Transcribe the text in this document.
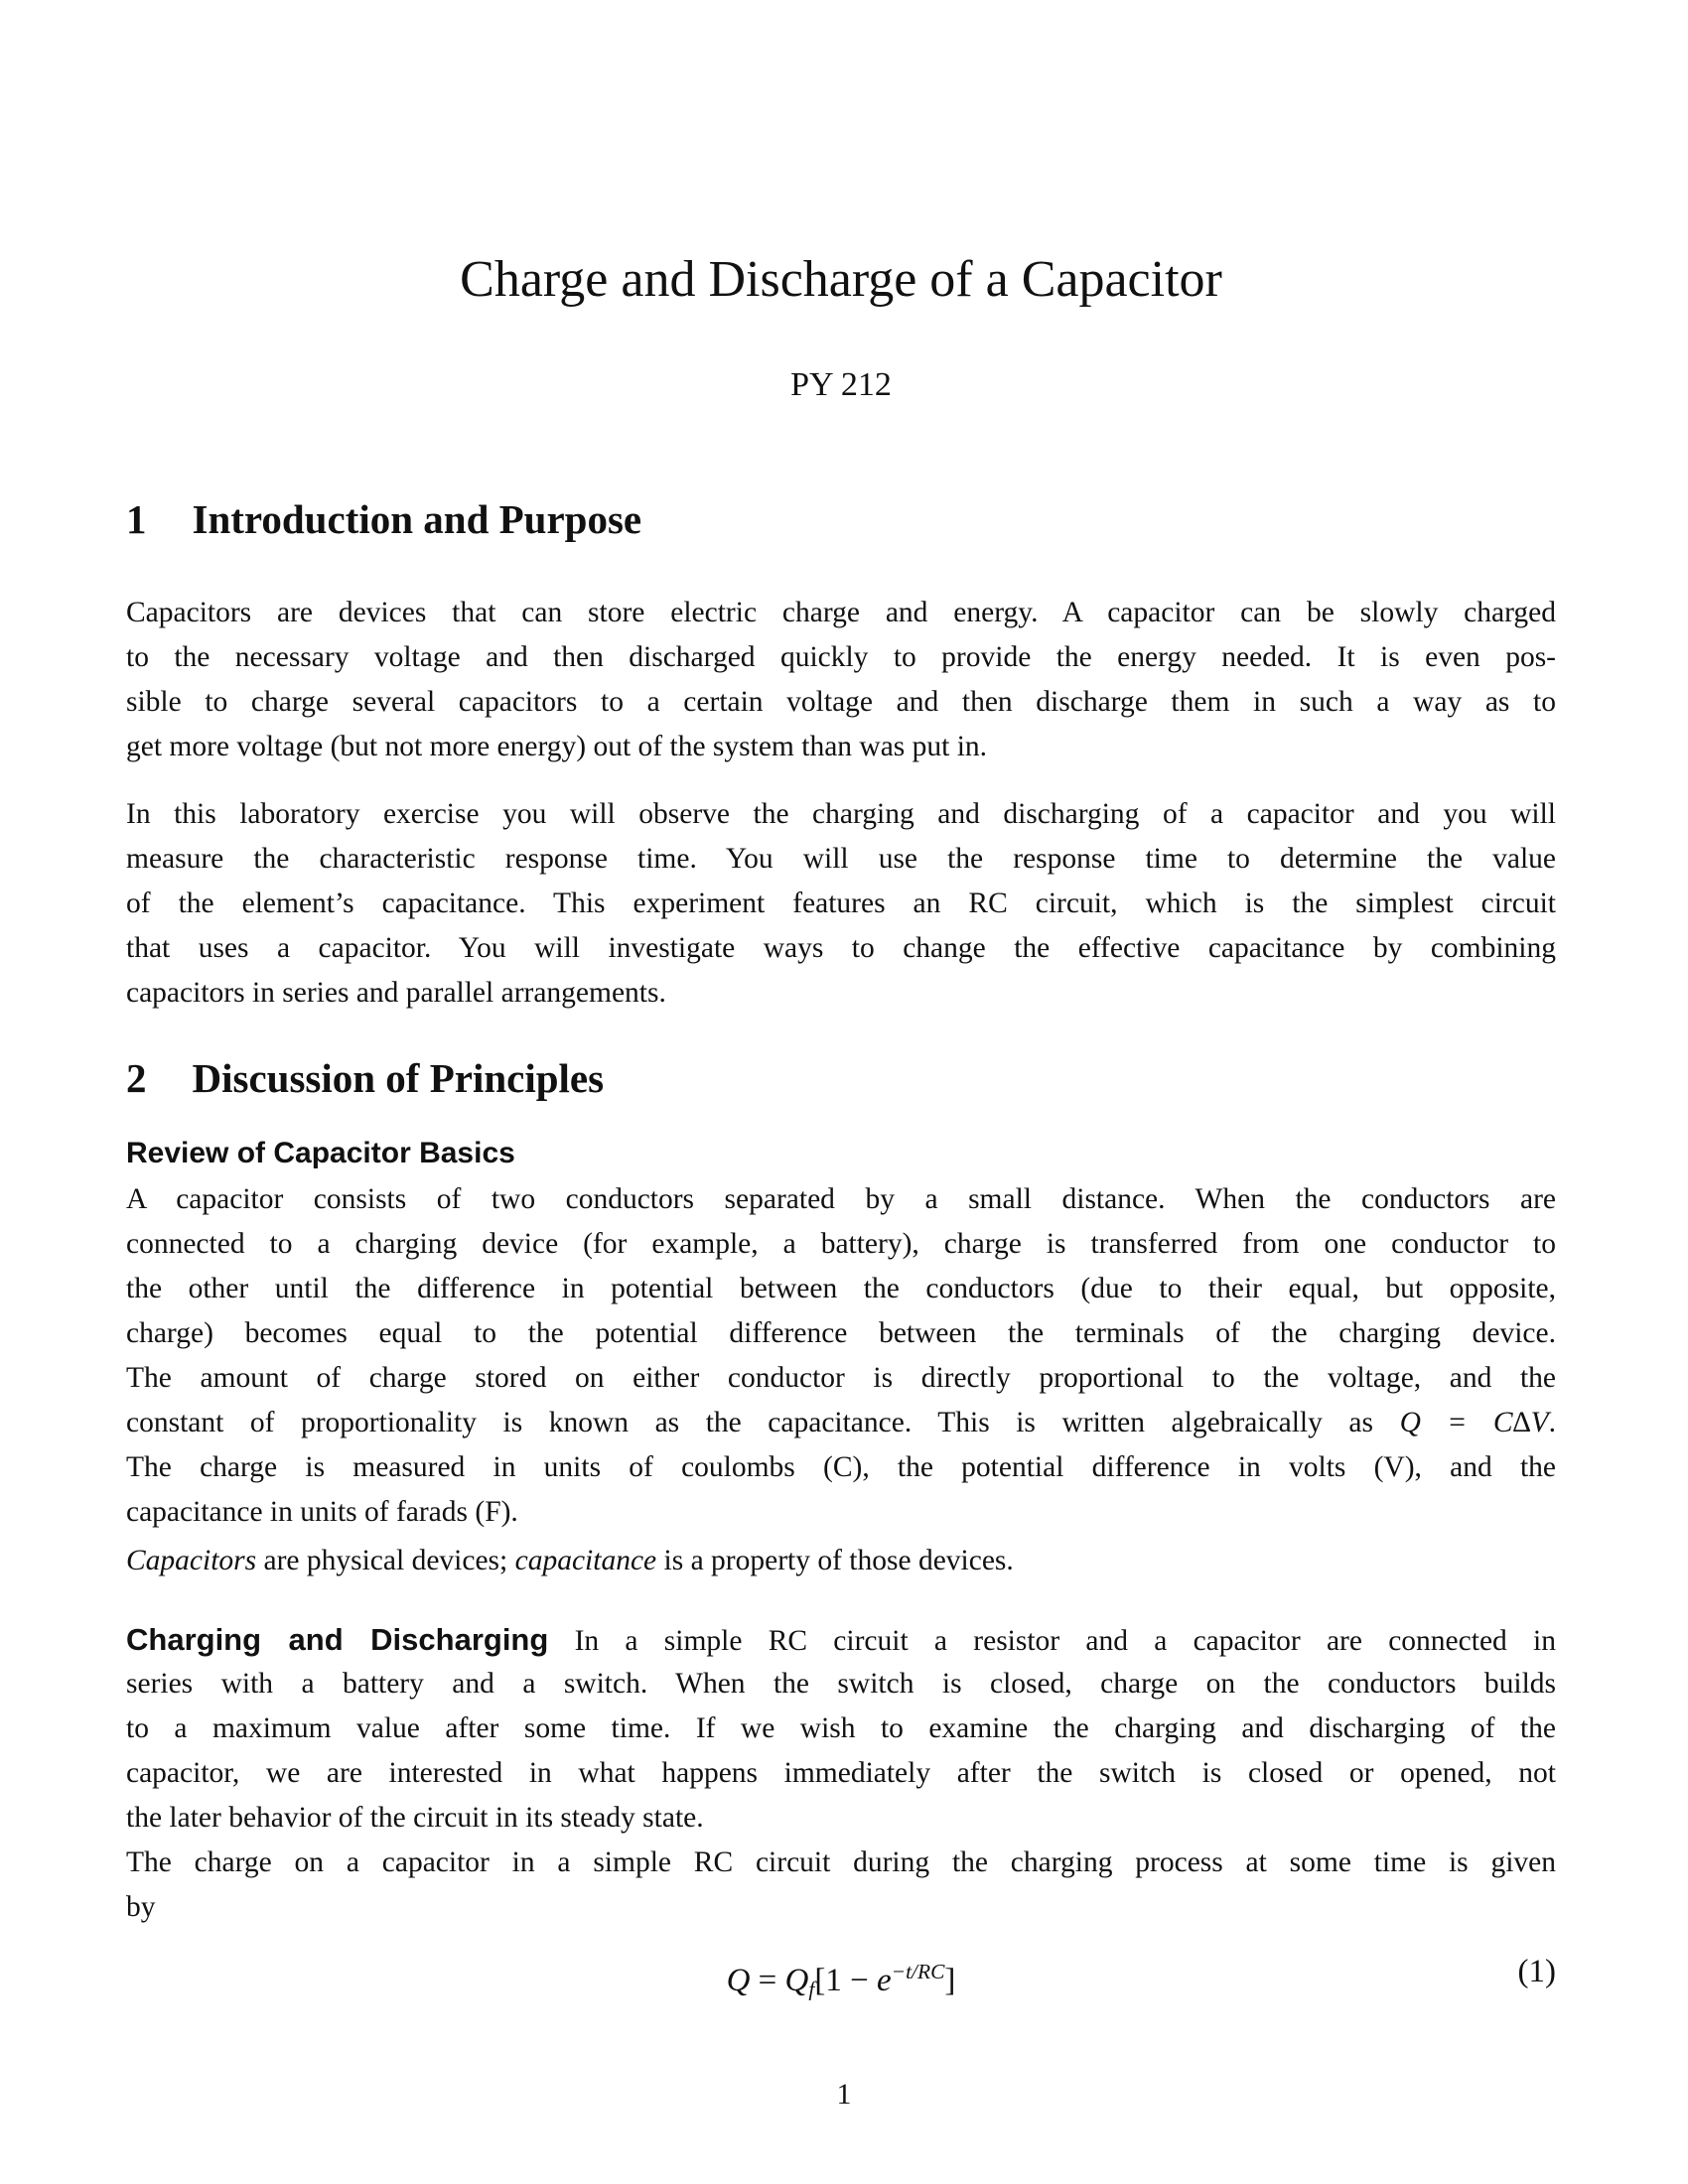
Charge and Discharge of a Capacitor
PY 212
1 Introduction and Purpose
Capacitors are devices that can store electric charge and energy. A capacitor can be slowly charged
to the necessary voltage and then discharged quickly to provide the energy needed. It is even pos-
sible to charge several capacitors to a certain voltage and then discharge them in such a way as to
get more voltage (but not more energy) out of the system than was put in.
In this laboratory exercise you will observe the charging and discharging of a capacitor and you will
measure the characteristic response time. You will use the response time to determine the value
of the element’s capacitance. This experiment features an RC circuit, which is the simplest circuit
that uses a capacitor. You will investigate ways to change the effective capacitance by combining
capacitors in series and parallel arrangements.
2 Discussion of Principles
Review of Capacitor Basics
A capacitor consists of two conductors separated by a small distance. When the conductors are
connected to a charging device (for example, a battery), charge is transferred from one conductor to
the other until the difference in potential between the conductors (due to their equal, but opposite,
charge) becomes equal to the potential difference between the terminals of the charging device.
The amount of charge stored on either conductor is directly proportional to the voltage, and the
constant of proportionality is known as the capacitance. This is written algebraically as Q = C∆V.
The charge is measured in units of coulombs (C), the potential difference in volts (V), and the
capacitance in units of farads (F).
Capacitors are physical devices; capacitance is a property of those devices.
Charging and Discharging In a simple RC circuit a resistor and a capacitor are connected in
series with a battery and a switch. When the switch is closed, charge on the conductors builds
to a maximum value after some time. If we wish to examine the charging and discharging of the
capacitor, we are interested in what happens immediately after the switch is closed or opened, not
the later behavior of the circuit in its steady state.
The charge on a capacitor in a simple RC circuit during the charging process at some time is given
by
$Q = Q_f[1 - e^{-t/RC}]$	(1)
1
